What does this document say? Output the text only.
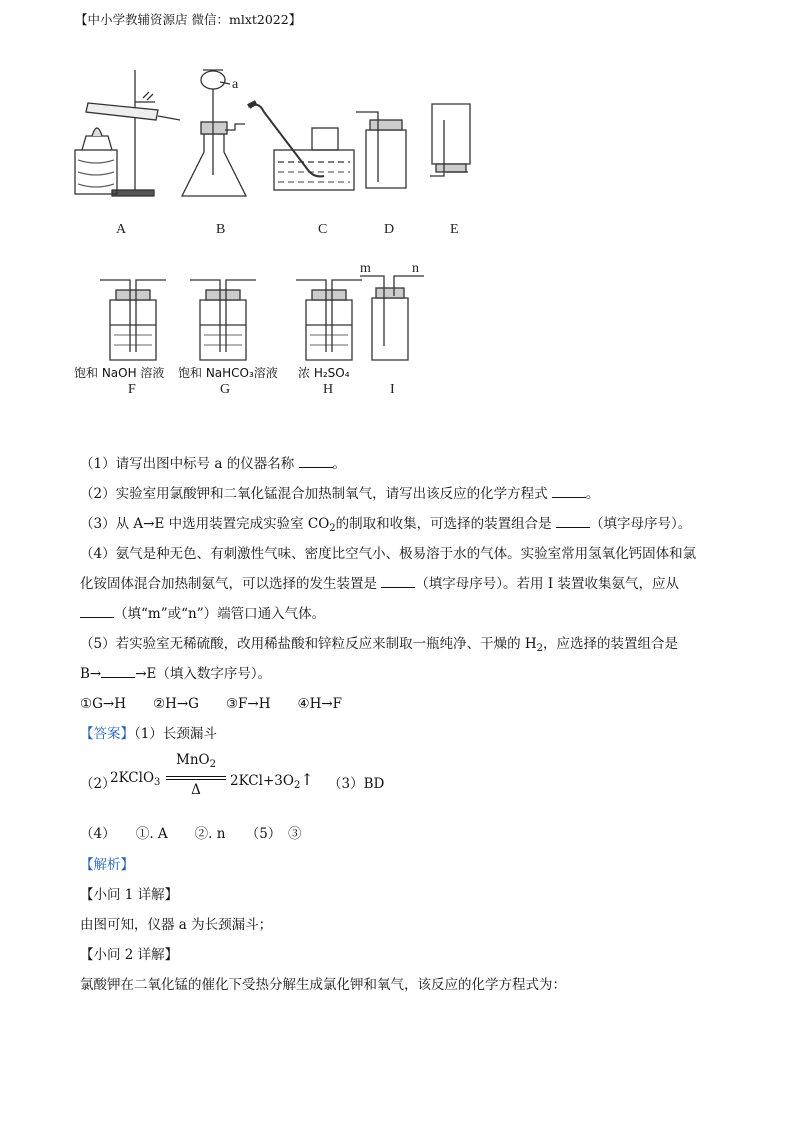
【中小学教辅资源店 微信：mlxt2022】
A	B	C	D	E
a
m	n
饱和 NaOH 溶液 饱和 NaHCO₃溶液 浓 H₂SO₄
F	G	H	I
（1）请写出图中标号 a 的仪器名称	。
（2）实验室用氯酸钾和二氧化锰混合加热制氧气，请写出该反应的化学方程式	。
（3）从 A→E 中选用装置完成实验室 $CO_2$的制取和收集，可选择的装置组合是	（填字母序号）。
（4）氨气是种无色、有刺激性气味、密度比空气小、极易溶于水的气体。实验室常用氢氧化钙固体和氯
化铵固体混合加热制氨气，可以选择的发生装置是	（填字母序号）。若用 I 装置收集氨气，应从
（填“m”或“n”）端管口通入气体。
（5）若实验室无稀硫酸，改用稀盐酸和锌粒反应来制取一瓶纯净、干燥的 $H_2$，应选择的装置组合是
B→	→E（填入数字序号）。
①G→H　　②H→G　　③F→H　　④H→F
【答案】（1）长颈漏斗
（2）
2KClO$_3$
MnO$_2$
Δ
$2KCl+3O_2↑$ （3）BD
（4）　　①. A　　②. n　　（5）　③
【解析】
【小问 1 详解】
由图可知，仪器 a 为长颈漏斗；
【小问 2 详解】
氯酸钾在二氧化锰的催化下受热分解生成氯化钾和氧气，该反应的化学方程式为：
